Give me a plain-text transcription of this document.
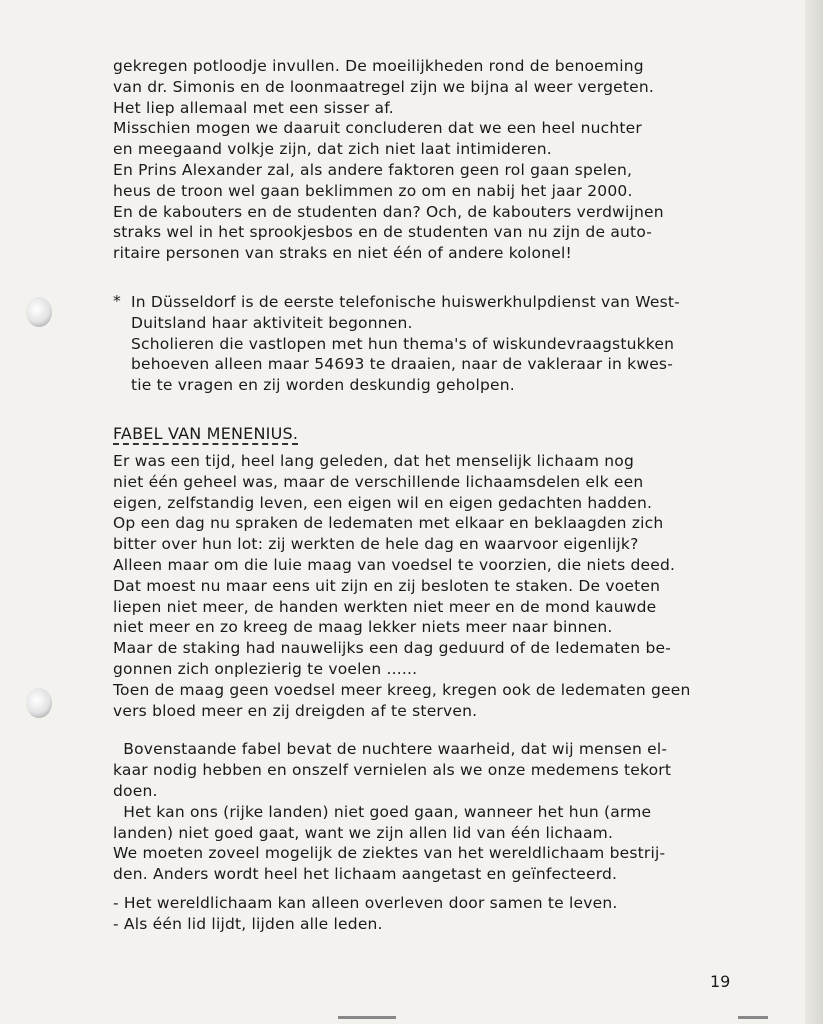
gekregen potloodje invullen. De moeilijkheden rond de benoeming
van dr. Simonis en de loonmaatregel zijn we bijna al weer vergeten.
Het liep allemaal met een sisser af.
Misschien mogen we daaruit concluderen dat we een heel nuchter
en meegaand volkje zijn, dat zich niet laat intimideren.
En Prins Alexander zal, als andere faktoren geen rol gaan spelen,
heus de troon wel gaan beklimmen zo om en nabij het jaar 2000.
En de kabouters en de studenten dan? Och, de kabouters verdwijnen
straks wel in het sprookjesbos en de studenten van nu zijn de auto-
ritaire personen van straks en niet één of andere kolonel!
* In Düsseldorf is de eerste telefonische huiswerkhulpdienst van West-
Duitsland haar aktiviteit begonnen.
Scholieren die vastlopen met hun thema's of wiskundevraagstukken
behoeven alleen maar 54693 te draaien, naar de vakleraar in kwes-
tie te vragen en zij worden deskundig geholpen.
FABEL VAN MENENIUS.
Er was een tijd, heel lang geleden, dat het menselijk lichaam nog
niet één geheel was, maar de verschillende lichaamsdelen elk een
eigen, zelfstandig leven, een eigen wil en eigen gedachten hadden.
Op een dag nu spraken de ledematen met elkaar en beklaagden zich
bitter over hun lot: zij werkten de hele dag en waarvoor eigenlijk?
Alleen maar om die luie maag van voedsel te voorzien, die niets deed.
Dat moest nu maar eens uit zijn en zij besloten te staken. De voeten
liepen niet meer, de handen werkten niet meer en de mond kauwde
niet meer en zo kreeg de maag lekker niets meer naar binnen.
Maar de staking had nauwelijks een dag geduurd of de ledematen be-
gonnen zich onplezierig te voelen ......
Toen de maag geen voedsel meer kreeg, kregen ook de ledematen geen
vers bloed meer en zij dreigden af te sterven.
Bovenstaande fabel bevat de nuchtere waarheid, dat wij mensen el-
kaar nodig hebben en onszelf vernielen als we onze medemens tekort
doen.
Het kan ons (rijke landen) niet goed gaan, wanneer het hun (arme
landen) niet goed gaat, want we zijn allen lid van één lichaam.
We moeten zoveel mogelijk de ziektes van het wereldlichaam bestrij-
den. Anders wordt heel het lichaam aangetast en geïnfecteerd.
- Het wereldlichaam kan alleen overleven door samen te leven.
- Als één lid lijdt, lijden alle leden.
19
